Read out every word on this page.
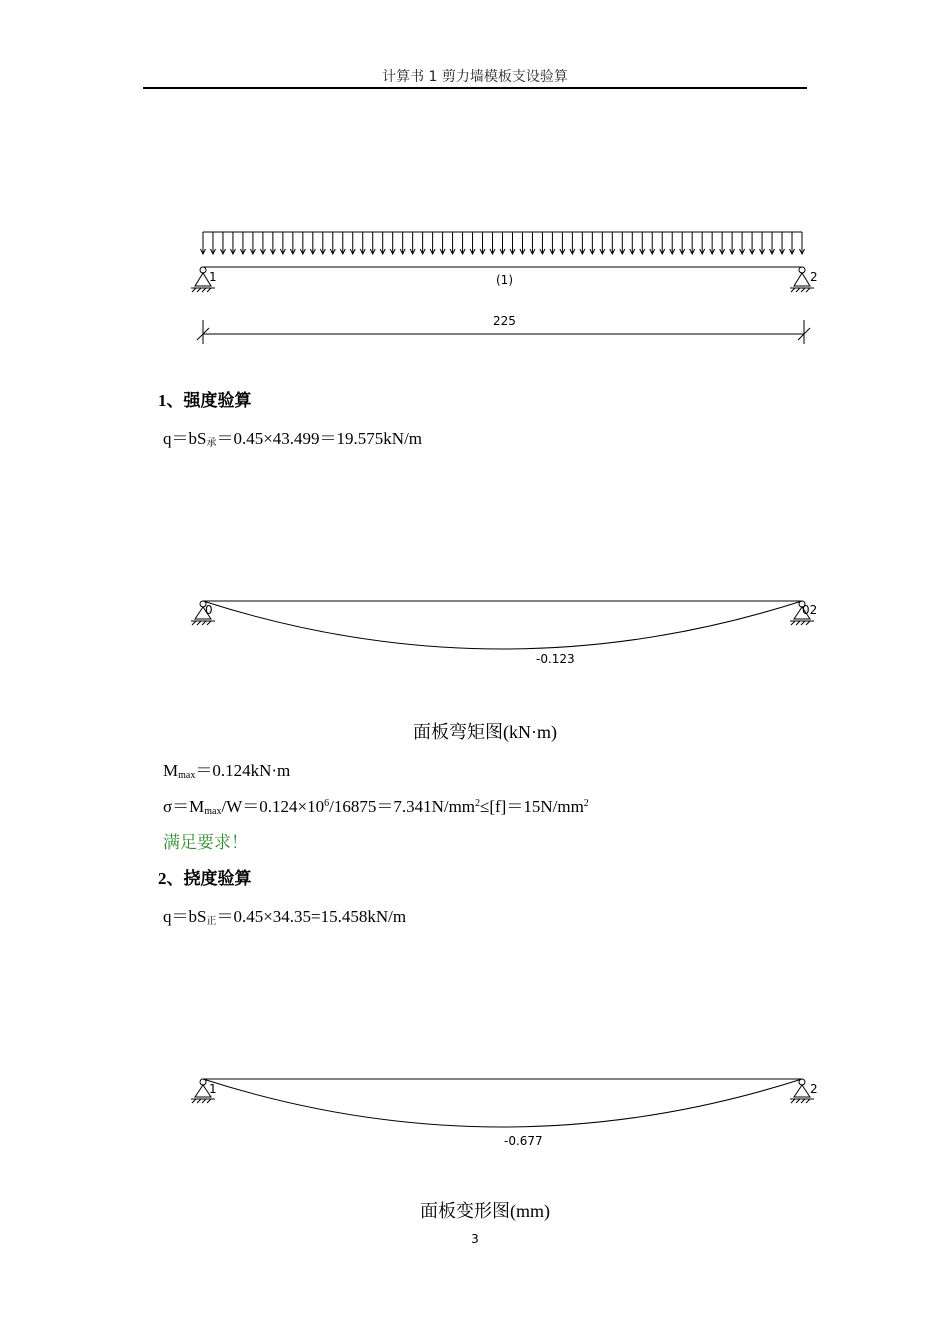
计算书 1 剪力墙模板支设验算
1	2
(1)
225
1、强度验算
$q=bS_承=0.45\times 43.499=19.575kN/m$
0	02
-0.123
面板弯矩图(kN·m)
$M_{max}=0.124kN\cdot m$
$\sigma=M_{max}/W=0.124\times 10^6/16875=7.341N/mm^2\le[f]=15N/mm^2$
满足要求！
2、挠度验算
$q=bS_正=0.45\times 34.35=15.458kN/m$
1	2
-0.677
面板变形图(mm)
3
